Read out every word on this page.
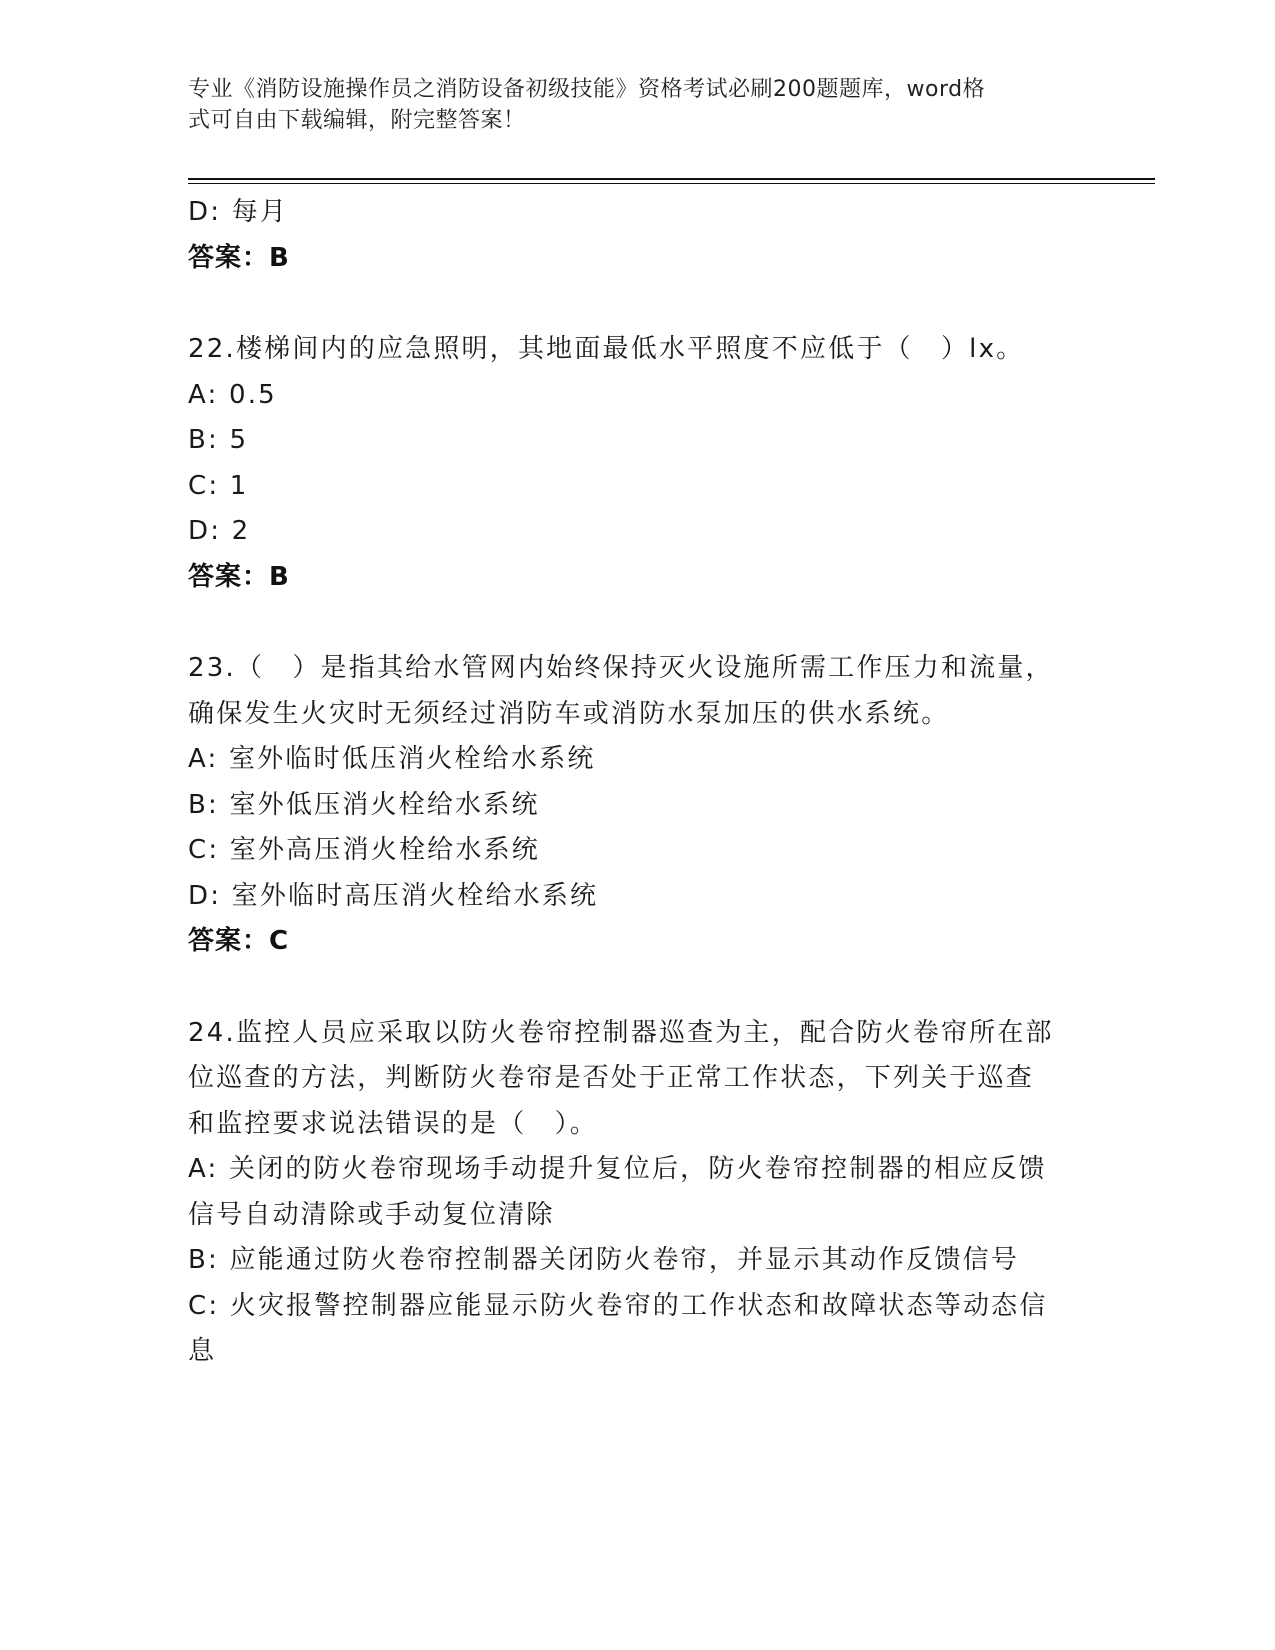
专业《消防设施操作员之消防设备初级技能》资格考试必刷200题题库，word格
式可自由下载编辑，附完整答案！
D: 每月
答案：B
22.楼梯间内的应急照明，其地面最低水平照度不应低于（　）lx。
A: 0.5
B: 5
C: 1
D: 2
答案：B
23.（　）是指其给水管网内始终保持灭火设施所需工作压力和流量，
确保发生火灾时无须经过消防车或消防水泵加压的供水系统。
A: 室外临时低压消火栓给水系统
B: 室外低压消火栓给水系统
C: 室外高压消火栓给水系统
D: 室外临时高压消火栓给水系统
答案：C
24.监控人员应采取以防火卷帘控制器巡查为主，配合防火卷帘所在部
位巡查的方法，判断防火卷帘是否处于正常工作状态，下列关于巡查
和监控要求说法错误的是（　）。
A: 关闭的防火卷帘现场手动提升复位后，防火卷帘控制器的相应反馈
信号自动清除或手动复位清除
B: 应能通过防火卷帘控制器关闭防火卷帘，并显示其动作反馈信号
C: 火灾报警控制器应能显示防火卷帘的工作状态和故障状态等动态信
息
